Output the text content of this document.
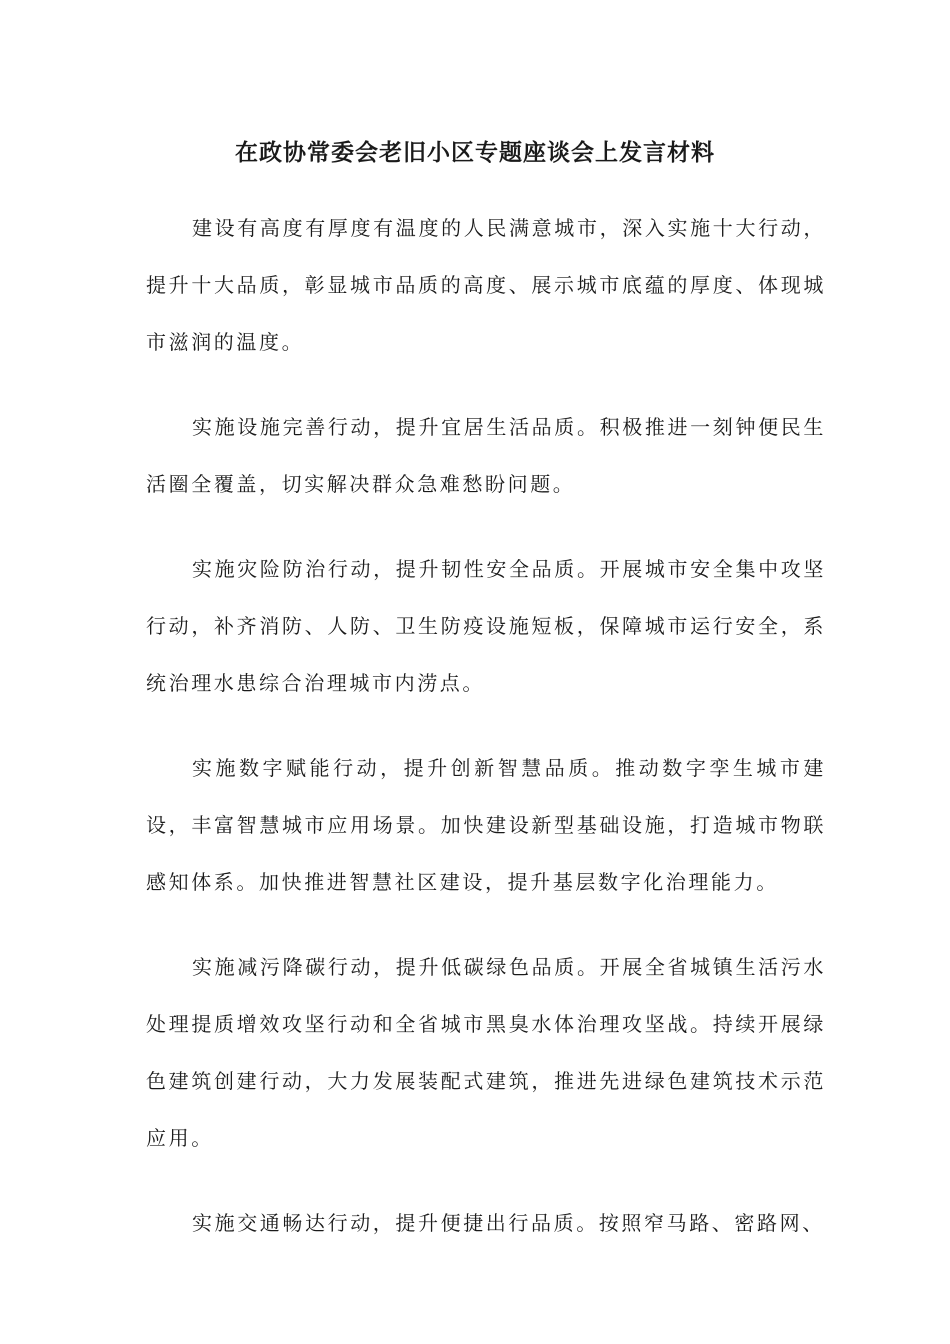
在政协常委会老旧小区专题座谈会上发言材料

建设有高度有厚度有温度的人民满意城市，深入实施十大行动，提升十大品质，彰显城市品质的高度、展示城市底蕴的厚度、体现城市滋润的温度。

实施设施完善行动，提升宜居生活品质。积极推进一刻钟便民生活圈全覆盖，切实解决群众急难愁盼问题。

实施灾险防治行动，提升韧性安全品质。开展城市安全集中攻坚行动，补齐消防、人防、卫生防疫设施短板，保障城市运行安全，系统治理水患综合治理城市内涝点。

实施数字赋能行动，提升创新智慧品质。推动数字孪生城市建设，丰富智慧城市应用场景。加快建设新型基础设施，打造城市物联感知体系。加快推进智慧社区建设，提升基层数字化治理能力。

实施减污降碳行动，提升低碳绿色品质。开展全省城镇生活污水处理提质增效攻坚行动和全省城市黑臭水体治理攻坚战。持续开展绿色建筑创建行动，大力发展装配式建筑，推进先进绿色建筑技术示范应用。

实施交通畅达行动，提升便捷出行品质。按照窄马路、密路网、
